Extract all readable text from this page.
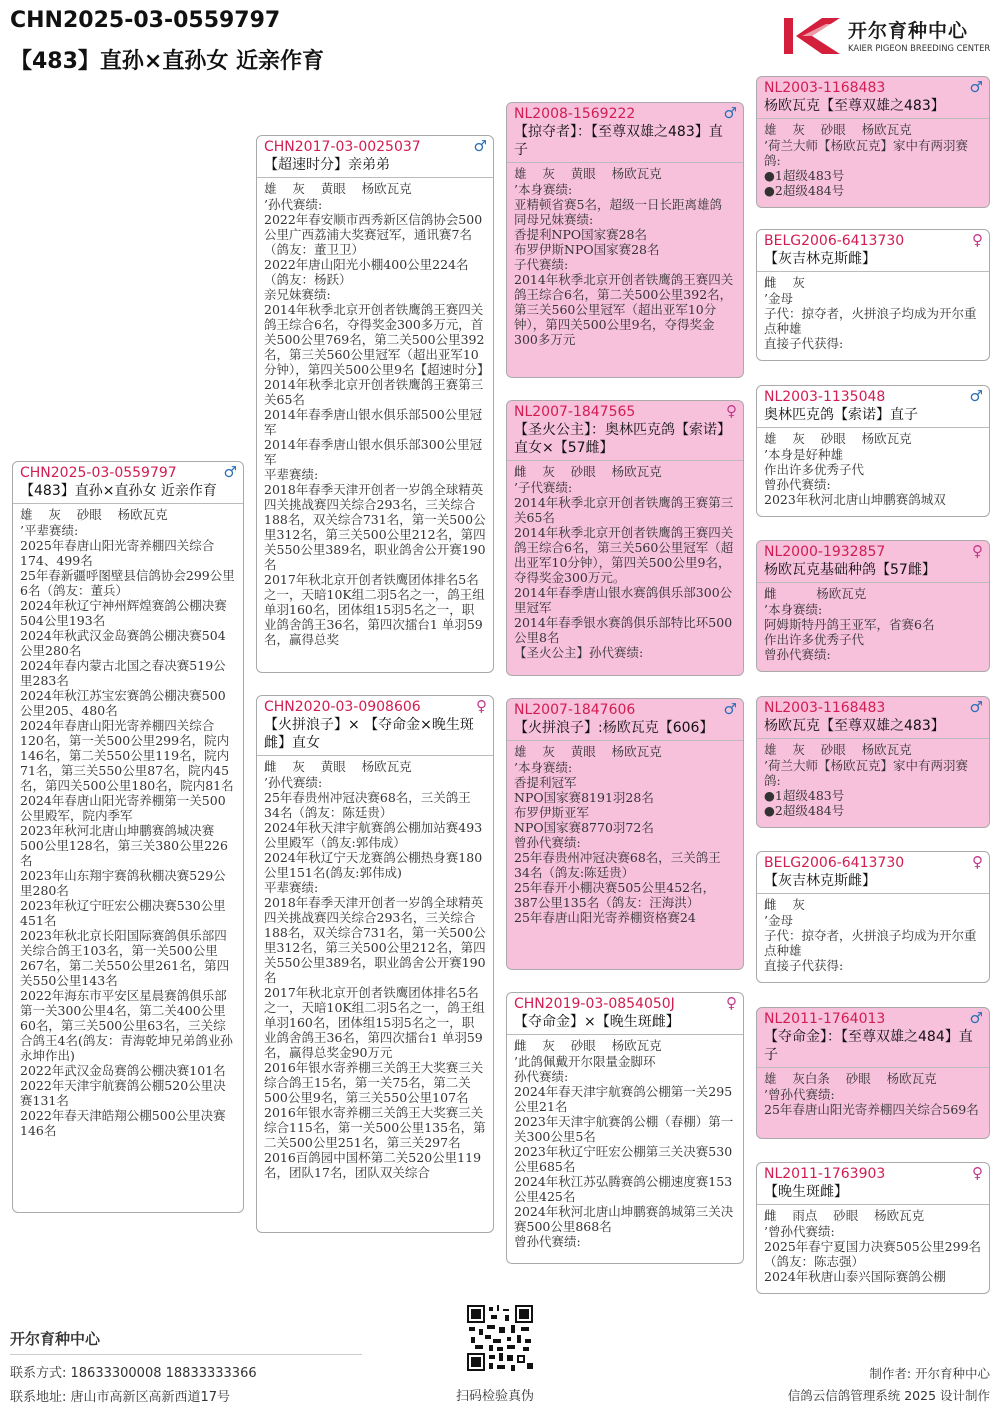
CHN2025-03-0559797
【483】直孙×直孙女 近亲作育
开尔育种中心
KAIER PIGEON BREEDING CENTER
CHN2025-03-0559797	♂
【483】直孙×直孙女 近亲作育
雄    灰    砂眼    杨欧瓦克
’平辈赛绩:
2025年春唐山阳光寄养棚四关综合174、499名
25年春新疆呼图壁县信鸽协会299公里6名（鸽友：董兵）
2024年秋辽宁神州辉煌赛鸽公棚决赛504公里193名
2024年秋武汉金岛赛鸽公棚决赛504公里280名
2024年春内蒙古北国之春决赛519公里283名
2024年秋江苏宝宏赛鸽公棚决赛500公里205、480名
2024年春唐山阳光寄养棚四关综合120名，第一关500公里299名，院内146名，第二关550公里119名，院内71名，第三关550公里87名，院内45名，第四关500公里180名，院内81名
2024年春唐山阳光寄养棚第一关500公里殿军，院内季军
2023年秋河北唐山坤鹏赛鸽城决赛500公里128名，第三关380公里226名
2023年山东翔宇赛鸽秋棚决赛529公里280名
2023年秋辽宁旺宏公棚决赛530公里451名
2023年秋北京长阳国际赛鸽俱乐部四关综合鸽王103名，第一关500公里267名，第二关550公里261名，第四关550公里143名
2022年海东市平安区星晨赛鸽俱乐部第一关300公里4名，第二关400公里60名，第三关500公里63名，三关综合鸽王4名(鸽友：青海乾坤兄弟鸽业孙永坤作出)
2022年武汉金岛赛鸽公棚决赛101名
2022年天津宇航赛鸽公棚520公里决赛131名
2022年春天津皓翔公棚500公里决赛146名
CHN2017-03-0025037	♂
【超速时分】亲弟弟
雄    灰    黄眼    杨欧瓦克
’孙代赛绩:
2022年春安顺市西秀新区信鸽协会500公里广西荔浦大奖赛冠军，通讯赛7名（鸽友：董卫卫）
2022年唐山阳光小棚400公里224名（鸽友：杨跃）
亲兄妹赛绩:
2014年秋季北京开创者铁鹰鸽王赛四关鸽王综合6名，夺得奖金300多万元，首关500公里769名，第二关500公里392名，第三关560公里冠军（超出亚军10分钟），第四关500公里9名【超速时分】
2014年秋季北京开创者铁鹰鸽王赛第三关65名
2014年春季唐山银水俱乐部500公里冠军
2014年春季唐山银水俱乐部300公里冠军
平辈赛绩:
2018年春季天津开创者一岁鸽全球精英四关挑战赛四关综合293名，三关综合188名，双关综合731名，第一关500公里312名，第三关500公里212名，第四关550公里389名，职业鸽舍公开赛190名
2017年秋北京开创者铁鹰团体排名5名之一，天暗10K组二羽5名之一，鸽王组单羽160名，团体组15羽5名之一，职业鸽舍鸽王36名，第四次擂台1 单羽59名，赢得总奖
CHN2020-03-0908606	♀
【火拼浪子】× 【夺命金×晚生斑雌】直女
雌    灰    黄眼    杨欧瓦克
’孙代赛绩:
25年春贵州冲冠决赛68名，三关鸽王34名（鸽友：陈廷贵）
2024年秋天津宇航赛鸽公棚加站赛493公里殿军（鸽友:郭伟成）
2024年秋辽宁天龙赛鸽公棚热身赛180公里151名(鸽友:郭伟成)
平辈赛绩:
2018年春季天津开创者一岁鸽全球精英四关挑战赛四关综合293名，三关综合188名，双关综合731名，第一关500公里312名，第三关500公里212名，第四关550公里389名，职业鸽舍公开赛190名
2017年秋北京开创者铁鹰团体排名5名之一，天暗10K组二羽5名之一，鸽王组单羽160名，团体组15羽5名之一，职业鸽舍鸽王36名，第四次擂台1 单羽59名，赢得总奖金90万元
2016年银水寄养棚三关鸽王大奖赛三关综合鸽王15名，第一关75名，第二关500公里9名，第三关550公里107名
2016年银水寄养棚三关鸽王大奖赛三关综合115名，第一关500公里135名，第二关500公里251名，第三关297名
2016百鸽园中国杯第二关520公里119名，团队17名，团队双关综合
NL2008-1569222	♂
【掠夺者】：【至尊双雄之483】直子
雄    灰    黄眼    杨欧瓦克
’本身赛绩:
亚精顿省赛5名，超级一日长距离雄鸽
同母兄妹赛绩:
香提利NPO国家赛28名
布罗伊斯NPO国家赛28名
子代赛绩:
2014年秋季北京开创者铁鹰鸽王赛四关鸽王综合6名，第二关500公里392名，第三关560公里冠军（超出亚军10分钟），第四关500公里9名，夺得奖金300多万元
NL2007-1847565	♀
【圣火公主】：奥林匹克鸽【索诺】直女×【57雌】
雌    灰    砂眼    杨欧瓦克
’子代赛绩:
2014年秋季北京开创者铁鹰鸽王赛第三关65名
2014年秋季北京开创者铁鹰鸽王赛四关鸽王综合6名，第三关560公里冠军（超出亚军10分钟），第四关500公里9名，夺得奖金300万元。
2014年春季唐山银水赛鸽俱乐部300公里冠军
2014年春季银水赛鸽俱乐部特比环500公里8名
【圣火公主】孙代赛绩:
NL2007-1847606	♂
【火拼浪子】:杨欧瓦克【606】
雄    灰    黄眼    杨欧瓦克
’本身赛绩:
香提利冠军
NPO国家赛8191羽28名
布罗伊斯亚军
NPO国家赛8770羽72名
曾孙代赛绩:
25年春贵州冲冠决赛68名，三关鸽王34名（鸽友:陈廷贵）
25年春开小棚决赛505公里452名，387公里135名（鸽友：汪海洪）
25年春唐山阳光寄养棚资格赛24
CHN2019-03-0854050J	♀
【夺命金】×【晚生斑雌】
雌    灰    砂眼    杨欧瓦克
’此鸽佩戴开尔限量金脚环
孙代赛绩:
2024年春天津宇航赛鸽公棚第一关295公里21名
2023年天津宇航赛鸽公棚（春棚）第一关300公里5名
2023年秋辽宁旺宏公棚第三关决赛530公里685名
2024年秋江苏弘腾赛鸽公棚速度赛153公里425名
2024年秋河北唐山坤鹏赛鸽城第三关决赛500公里868名
曾孙代赛绩:
NL2003-1168483	♂
杨欧瓦克【至尊双雄之483】
雄    灰    砂眼    杨欧瓦克
’荷兰大师【杨欧瓦克】家中有两羽赛鸽:
●1超级483号
●2超级484号
BELG2006-6413730	♀
【灰吉林克斯雌】
雌    灰
’金母
子代：掠夺者，火拼浪子均成为开尔重点种雄
直接子代获得:
NL2003-1135048	♂
奥林匹克鸽【索诺】直子
雄    灰    砂眼    杨欧瓦克
’本身是好种雄
作出许多优秀子代
曾孙代赛绩:
2023年秋河北唐山坤鹏赛鸽城双
NL2000-1932857	♀
杨欧瓦克基础种鸽【57雌】
雌          杨欧瓦克
’本身赛绩:
阿姆斯特丹鸽王亚军，省赛6名
作出许多优秀子代
曾孙代赛绩:
NL2003-1168483	♂
杨欧瓦克【至尊双雄之483】
雄    灰    砂眼    杨欧瓦克
’荷兰大师【杨欧瓦克】家中有两羽赛鸽:
●1超级483号
●2超级484号
BELG2006-6413730	♀
【灰吉林克斯雌】
雌    灰
’金母
子代：掠夺者，火拼浪子均成为开尔重点种雄
直接子代获得:
NL2011-1764013	♂
【夺命金】：【至尊双雄之484】直子
雄    灰白条    砂眼    杨欧瓦克
’曾孙代赛绩:
25年春唐山阳光寄养棚四关综合569名
NL2011-1763903	♀
【晚生斑雌】
雌    雨点    砂眼    杨欧瓦克
’曾孙代赛绩:
2025年春宁夏国力决赛505公里299名（鸽友：陈志强）
2024年秋唐山泰兴国际赛鸽公棚
开尔育种中心
联系方式: 18633300008 18833333366
联系地址: 唐山市高新区高新西道17号	扫码检验真伪
制作者: 开尔育种中心
信鸽云信鸽管理系统 2025 设计制作
